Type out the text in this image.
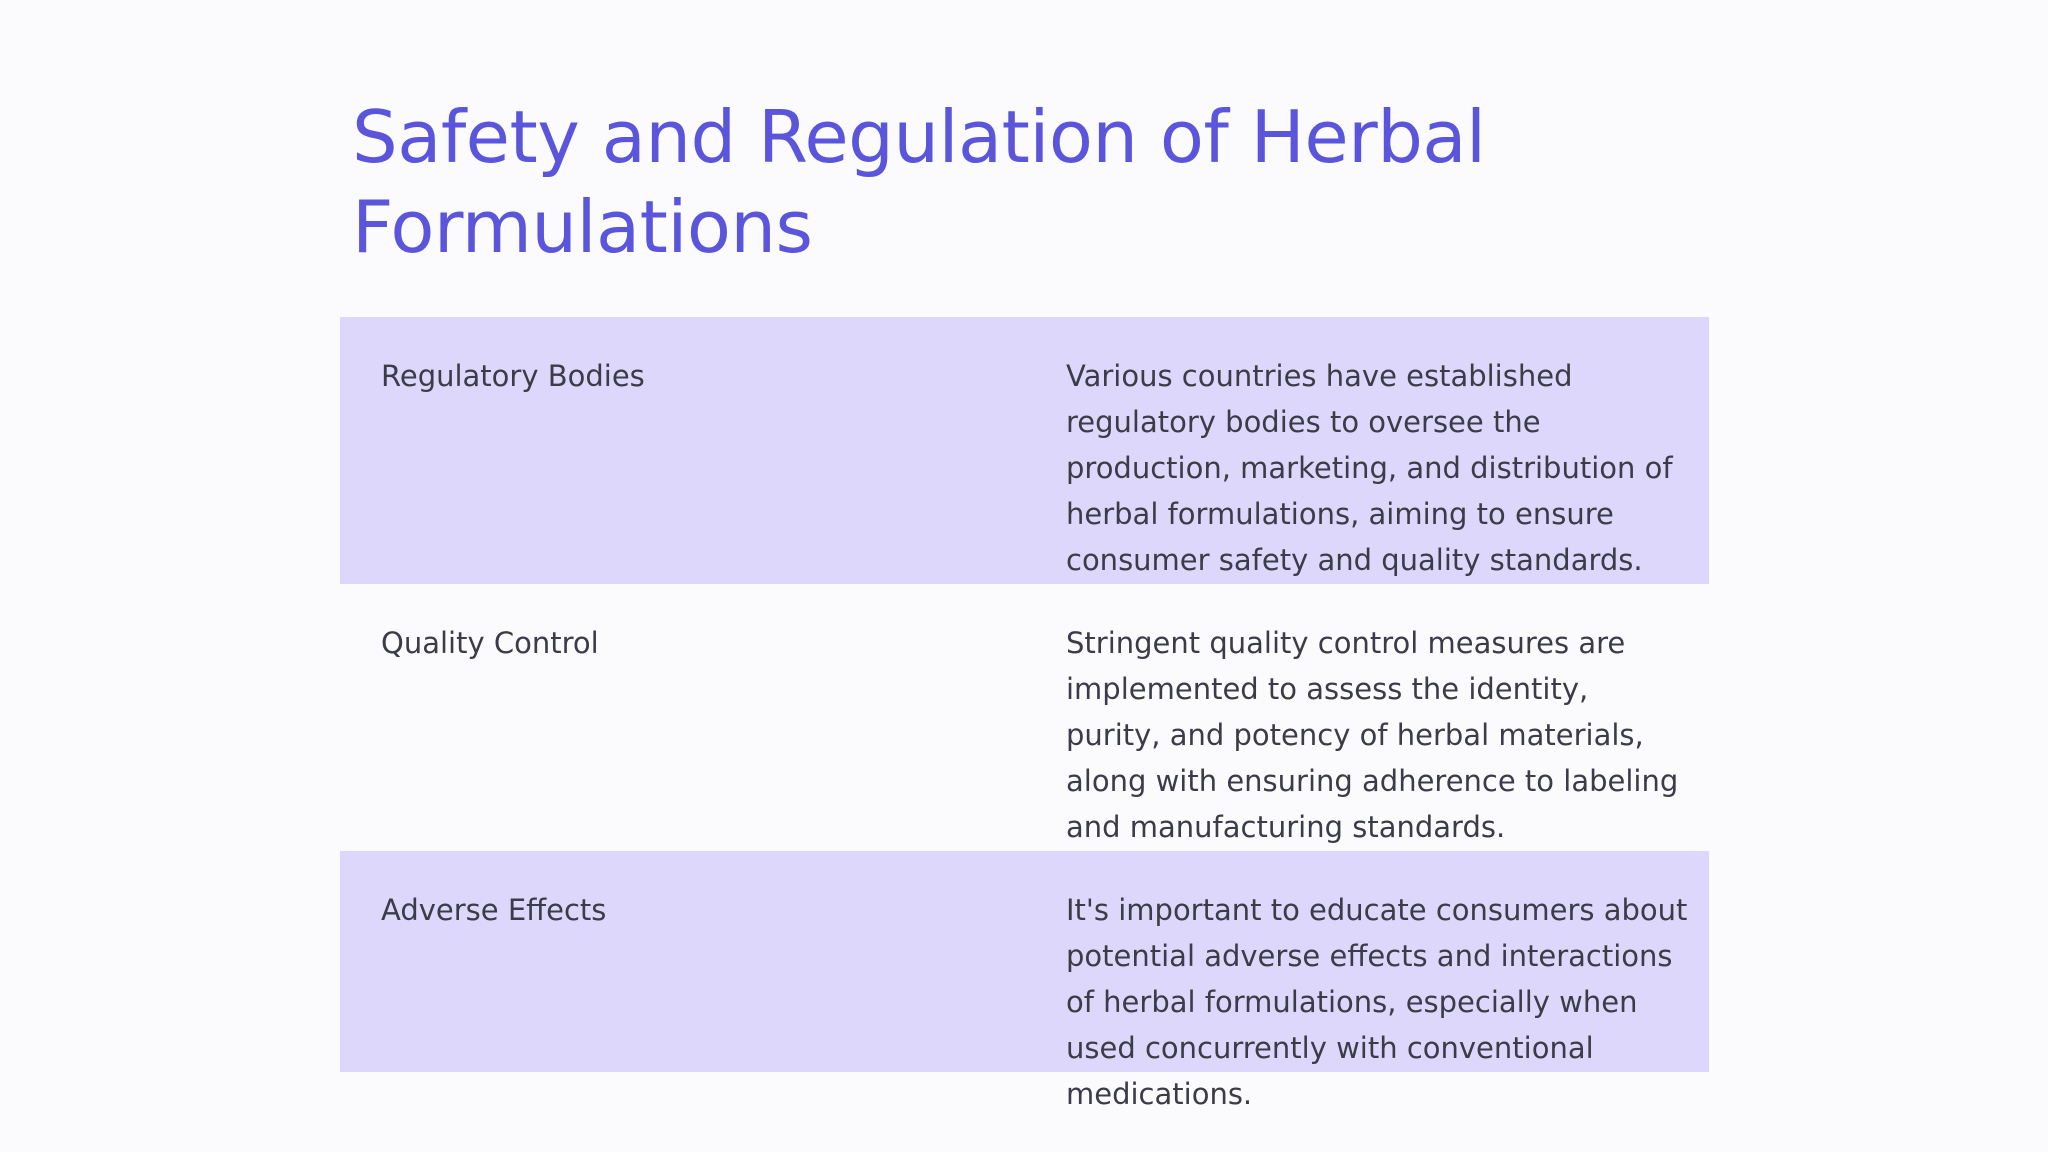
Safety and Regulation of Herbal Formulations
Regulatory Bodies	Various countries have established regulatory bodies to oversee the production, marketing, and distribution of herbal formulations, aiming to ensure consumer safety and quality standards.
Quality Control	Stringent quality control measures are implemented to assess the identity, purity, and potency of herbal materials, along with ensuring adherence to labeling and manufacturing standards.
Adverse Effects	It's important to educate consumers about potential adverse effects and interactions of herbal formulations, especially when used concurrently with conventional medications.
